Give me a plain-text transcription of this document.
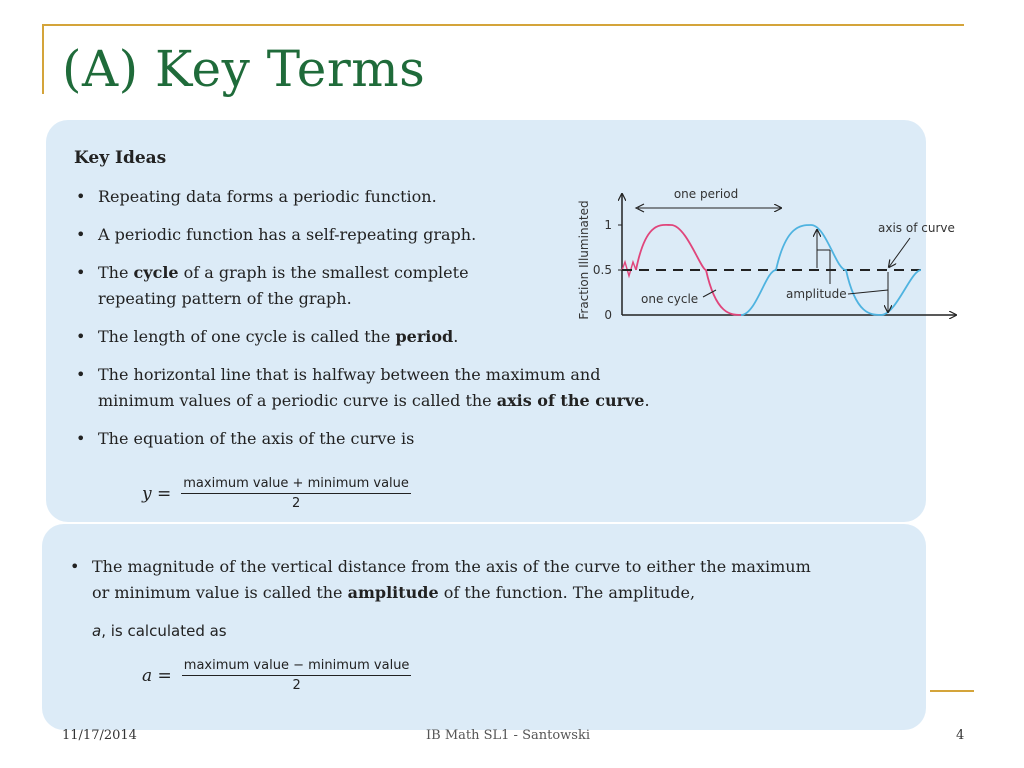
(A) Key Terms
Key Ideas
• Repeating data forms a periodic function.
• A periodic function has a self-repeating graph.
• The cycle of a graph is the smallest complete repeating pattern of the graph.
• The length of one cycle is called the period.
• The horizontal line that is halfway between the maximum and minimum values of a periodic curve is called the axis of the curve.
• The equation of the axis of the curve is
$y = \frac{\text{maximum value + minimum value}}{2}$
Fraction Illuminated 1
0.5
0
one period
one cycle	amplitude
axis of curve
• The magnitude of the vertical distance from the axis of the curve to either the maximum or minimum value is called the amplitude of the function. The amplitude,
a, is calculated as
$a = \frac{\text{maximum value − minimum value}}{2}$
11/17/2014	IB Math SL1 - Santowski	4
